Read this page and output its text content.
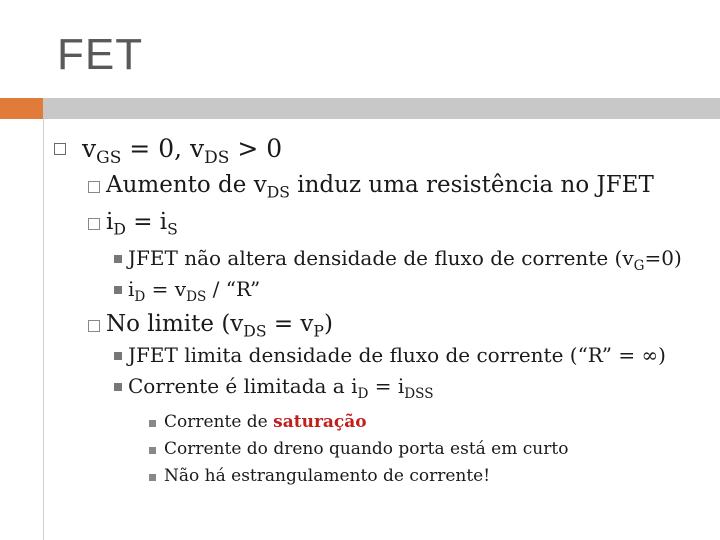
FET
$v_{GS} = 0$, $v_{DS} > 0$
Aumento de $v_{DS}$ induz uma resistência no JFET
$i_D = i_S$
JFET não altera densidade de fluxo de corrente $(v_G=0)$
$i_D = v_{DS}$ / “R”
No limite $(v_{DS} = v_P)$
JFET limita densidade de fluxo de corrente (“R” = ∞)
Corrente é limitada a $i_D = i_{DSS}$
Corrente de saturação
Corrente do dreno quando porta está em curto
Não há estrangulamento de corrente!
